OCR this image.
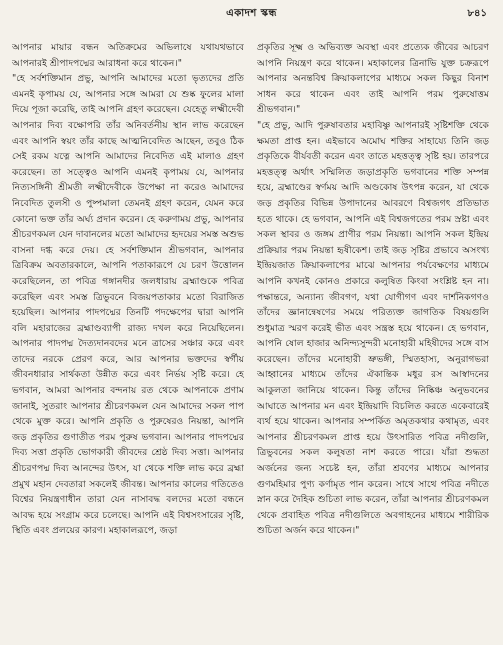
একাদশ স্কন্ধ	৮৪১

আপনার মায়ার বন্ধন অতিক্রমের অভিলাষে যথাযথভাবে আপনারই শ্রীপাদপদ্মের আরাধনা করে থাকেন।"

"হে সর্বশক্তিমান প্রভু, আপনি আমাদের মতো ভৃত্যদের প্রতি এমনই কৃপাময় যে, আপনার সঙ্গে আমরা যে শুষ্ক ফুলের মালা দিয়ে পূজা করেছি, তাই আপনি গ্রহণ করেছেন। যেহেতু লক্ষ্মীদেবী আপনার দিব্য বক্ষোপরি তাঁর অনিবর্তনীয় স্থান লাভ করেছেন এবং আপনি স্বয়ং তাঁর কাছে আত্মনিবেদিত আছেন, তবুও ঠিক সেই রকম যত্নে আপনি আমাদের নিবেদিত এই মালাও গ্রহণ করেছেন। তা সত্ত্বেও আপনি এমনই কৃপাময় যে, আপনার নিত্যসঙ্গিনী শ্রীমতী লক্ষ্মীদেবীকে উপেক্ষা না করেও আমাদের নিবেদিত তুলসী ও পুষ্পমালা তেমনই গ্রহণ করেন, যেমন করে কোনো ভক্ত তাঁর অর্ঘ্য প্রদান করেন। হে করুণাময় প্রভু, আপনার শ্রীচরণকমল যেন দাবানলের মতো আমাদের হৃদয়ের সমস্ত অশুভ বাসনা দগ্ধ করে দেয়। হে সর্বশক্তিমান শ্রীভগবান, আপনার ত্রিবিক্রম অবতারকালে, আপনি পতাকারূপে যে চরণ উত্তোলন করেছিলেন, তা পবিত্র গঙ্গানদীর জলধারায় ব্রহ্মাণ্ডকে পবিত্র করেছিল এবং সমস্ত ত্রিভুবনে বিজয়পতাকার মতো বিরাজিত হয়েছিল। আপনার পাদপদ্মের তিনটি পদক্ষেপের দ্বারা আপনি বলি মহারাজের ব্রহ্মাণ্ডব্যাপী রাজ্য দখল করে নিয়েছিলেন। আপনার পাদপদ্ম দৈত্যদানবদের মনে ত্রাসের সঞ্চার করে এবং তাদের নরকে প্রেরণ করে, আর আপনার ভক্তদের স্বর্গীয় জীবনধারার সার্থকতা উন্নীত করে এবং নির্ভয় সৃষ্টি করে। হে ভগবান, আমরা আপনার বন্দনায় রত থেকে আপনাকে প্রণাম জানাই, সুতরাং আপনার শ্রীচরণকমল যেন আমাদের সকল পাপ থেকে মুক্ত করে। আপনি প্রকৃতি ও পুরুষেরও নিয়ন্তা, আপনি জড় প্রকৃতির গুণাতীত পরম পুরুষ ভগবান। আপনার পাদপদ্মের দিব্য সত্তা প্রকৃতি ভোগকারী জীবদের শ্রেষ্ঠ দিব্য সত্তা। আপনার শ্রীচরণপদ্ম দিব্য আনন্দের উৎস, যা থেকে শক্তি লাভ করে ব্রহ্মা প্রমুখ মহান দেবতারা সকলেই জীবন্ত। আপনার কালের গতিতেও বিশ্বের নিয়ন্ত্রণাধীন তারা যেন নাসাবদ্ধ বলদের মতো বন্ধনে আবদ্ধ হয়ে সংগ্রাম করে চলেছে। আপনি এই বিশ্বসংসারের সৃষ্টি, স্থিতি এবং প্রলয়ের কারণ। মহাকালরূপে, জড়া

প্রকৃতির সূক্ষ্ম ও অভিব্যক্ত অবস্থা এবং প্রত্যেক জীবের আচরণ আপনি নিয়ন্ত্রণ করে থাকেন। মহাকালের ত্রিনাভি যুক্ত চক্ররূপে আপনার অনন্তবিশ্ব ক্রিয়াকলাপের মাধ্যমে সকল কিছুর বিনাশ সাধন করে থাকেন এবং তাই আপনি পরম পুরুষোত্তম শ্রীভগবান।"

"হে প্রভু, আদি পুরুষাবতার মহাবিষ্ণু আপনারই সৃষ্টিশক্তি থেকে ক্ষমতা প্রাপ্ত হন। এইভাবে অমোঘ শক্তির সাহায্যে তিনি জড় প্রকৃতিকে বীর্যবতী করেন এবং তাতে মহত্তত্ত্ব সৃষ্টি হয়। তারপরে মহত্তত্ত্ব অর্থাৎ সম্মিলিত জড়াপ্রকৃতি ভগবানের শক্তি সম্পন্ন হয়ে, ব্রহ্মাণ্ডের স্বর্ণময় আদি অণ্ডকোষ উৎপন্ন করেন, যা থেকে জড় প্রকৃতির বিভিন্ন উপাদানের আবরণে বিশ্বজগৎ প্রতিভাত হতে থাকে। হে ভগবান, আপনি এই বিশ্বজগতের পরম স্রষ্টা এবং সকল স্থাবর ও জঙ্গম প্রাণীর পরম নিয়ন্তা। আপনি সকল ইন্দ্রিয় প্রক্রিয়ার পরম নিয়ন্তা হৃষীকেশ। তাই জড় সৃষ্টির প্রভাবে অসংখ্য ইন্দ্রিয়জাত ক্রিয়াকলাপের মাঝে আপনার পর্যবেক্ষণের মাধ্যমে আপনি কখনই কোনও প্রকারে কলুষিত কিংবা সংশ্লিষ্ট হন না। পক্ষান্তরে, অন্যান্য জীবগণ, যথা যোগীগণ এবং দার্শনিকগণও তাঁদের জ্ঞানান্বেষণের সময়ে পরিত্যক্ত জাগতিক বিষয়গুলি শুধুমাত্র স্মরণ করেই ভীত এবং সন্ত্রস্ত হয়ে থাকেন। হে ভগবান, আপনি ষোল হাজার অনিন্দ্যসুন্দরী মনোহারী মহিষীদের সঙ্গে বাস করেছেন। তাঁদের মনোহারী ভ্রুভঙ্গী, স্মিতহাস্য, অনুরাগভরা আহ্বানের মাধ্যমে তাঁদের ঐকান্তিক মধুর রস আস্বাদনের আকুলতা জানিয়ে থাকেন। কিন্তু তাঁদের নিষ্কিঞ্চ অনুভবনের আঘাতে আপনার মন এবং ইন্দ্রিয়াদি বিচলিত করতে একেবারেই ব্যর্থ হয়ে থাকেন। আপনার সম্পর্কিত অমৃতকথার কথামৃত, এবং আপনার শ্রীচরণকমল প্রাপ্ত হয়ে উৎসারিত পবিত্র নদীগুলি, ত্রিভুবনের সকল কলুষতা নাশ করতে পারে। যাঁরা শুদ্ধতা অর্জনের জন্য সচেষ্ট হন, তাঁরা শ্রবণের মাধ্যমে আপনার গুণমহিমার পুণ্য কর্ণামৃত পান করেন। সাথে সাথে পবিত্র নদীতে স্নান করে দৈহিক শুচিতা লাভ করেন, তাঁরা আপনার শ্রীচরণকমল থেকে প্রবাহিত পবিত্র নদীগুলিতে অবগাহনের মাধ্যমে শারীরিক শুচিতা অর্জন করে থাকেন।"
